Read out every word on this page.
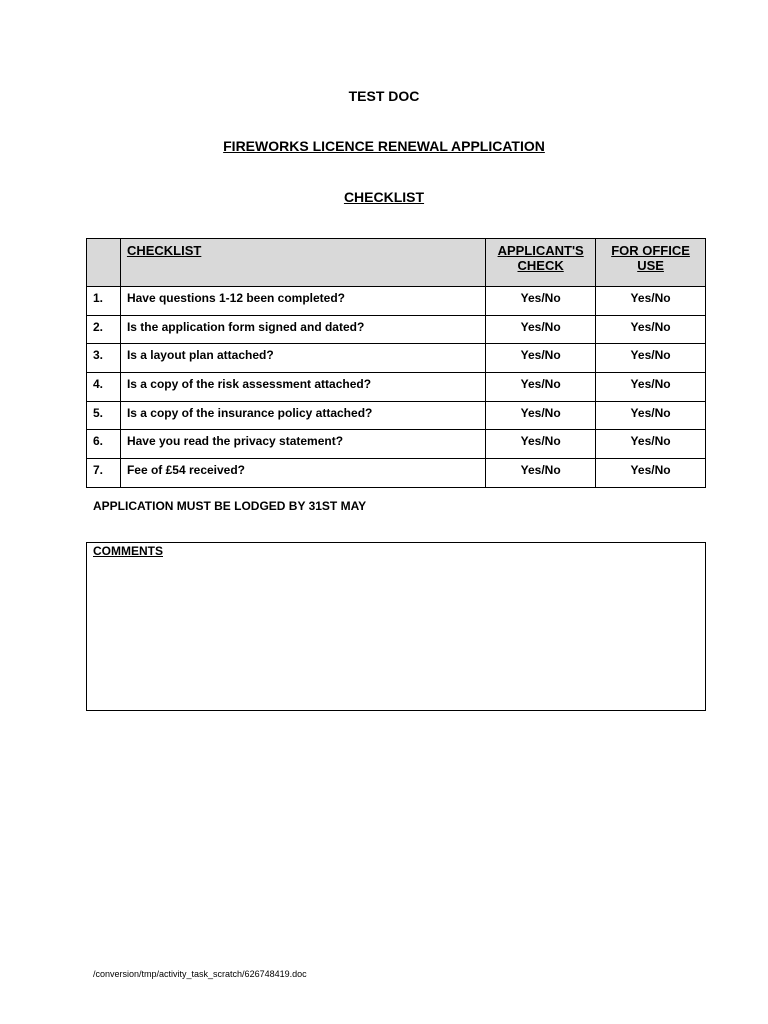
TEST DOC

FIREWORKS LICENCE RENEWAL APPLICATION

CHECKLIST

	CHECKLIST	APPLICANT'S CHECK	FOR OFFICE USE
1.	Have questions 1-12 been completed?	Yes/No	Yes/No
2.	Is the application form signed and dated?	Yes/No	Yes/No
3.	Is a layout plan attached?	Yes/No	Yes/No
4.	Is a copy of the risk assessment attached?	Yes/No	Yes/No
5.	Is a copy of the insurance policy attached?	Yes/No	Yes/No
6.	Have you read the privacy statement?	Yes/No	Yes/No
7.	Fee of £54 received?	Yes/No	Yes/No

APPLICATION MUST BE LODGED BY 31ST MAY

COMMENTS

/conversion/tmp/activity_task_scratch/626748419.doc
